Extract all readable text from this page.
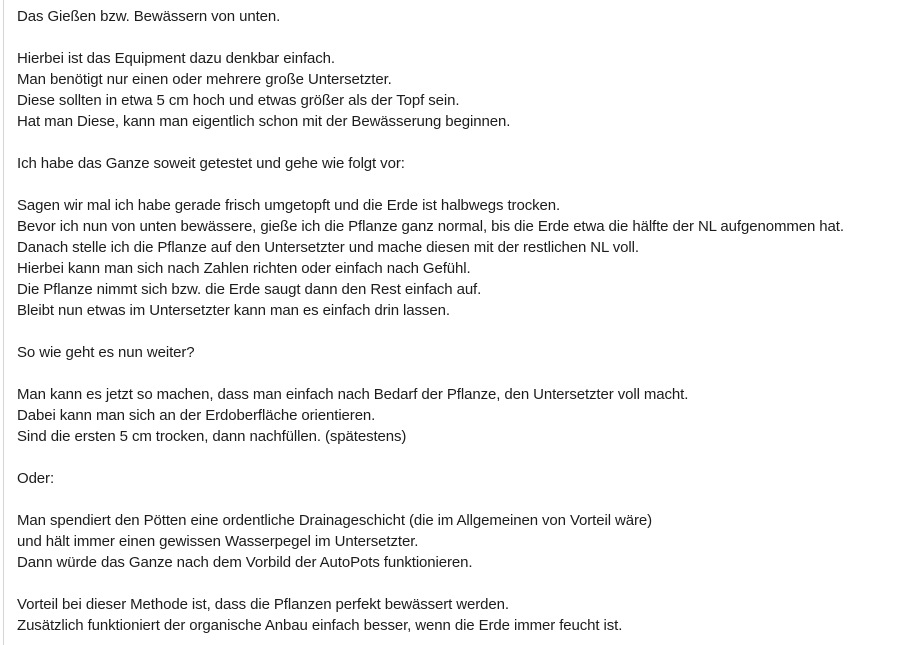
Das Gießen bzw. Bewässern von unten.
Hierbei ist das Equipment dazu denkbar einfach.
Man benötigt nur einen oder mehrere große Untersetzter.
Diese sollten in etwa 5 cm hoch und etwas größer als der Topf sein.
Hat man Diese, kann man eigentlich schon mit der Bewässerung beginnen.
Ich habe das Ganze soweit getestet und gehe wie folgt vor:
Sagen wir mal ich habe gerade frisch umgetopft und die Erde ist halbwegs trocken.
Bevor ich nun von unten bewässere, gieße ich die Pflanze ganz normal, bis die Erde etwa die hälfte der NL aufgenommen hat.
Danach stelle ich die Pflanze auf den Untersetzter und mache diesen mit der restlichen NL voll.
Hierbei kann man sich nach Zahlen richten oder einfach nach Gefühl.
Die Pflanze nimmt sich bzw. die Erde saugt dann den Rest einfach auf.
Bleibt nun etwas im Untersetzter kann man es einfach drin lassen.
So wie geht es nun weiter?
Man kann es jetzt so machen, dass man einfach nach Bedarf der Pflanze, den Untersetzter voll macht.
Dabei kann man sich an der Erdoberfläche orientieren.
Sind die ersten 5 cm trocken, dann nachfüllen. (spätestens)
Oder:
Man spendiert den Pötten eine ordentliche Drainageschicht (die im Allgemeinen von Vorteil wäre)
und hält immer einen gewissen Wasserpegel im Untersetzter.
Dann würde das Ganze nach dem Vorbild der AutoPots funktionieren.
Vorteil bei dieser Methode ist, dass die Pflanzen perfekt bewässert werden.
Zusätzlich funktioniert der organische Anbau einfach besser, wenn die Erde immer feucht ist.
